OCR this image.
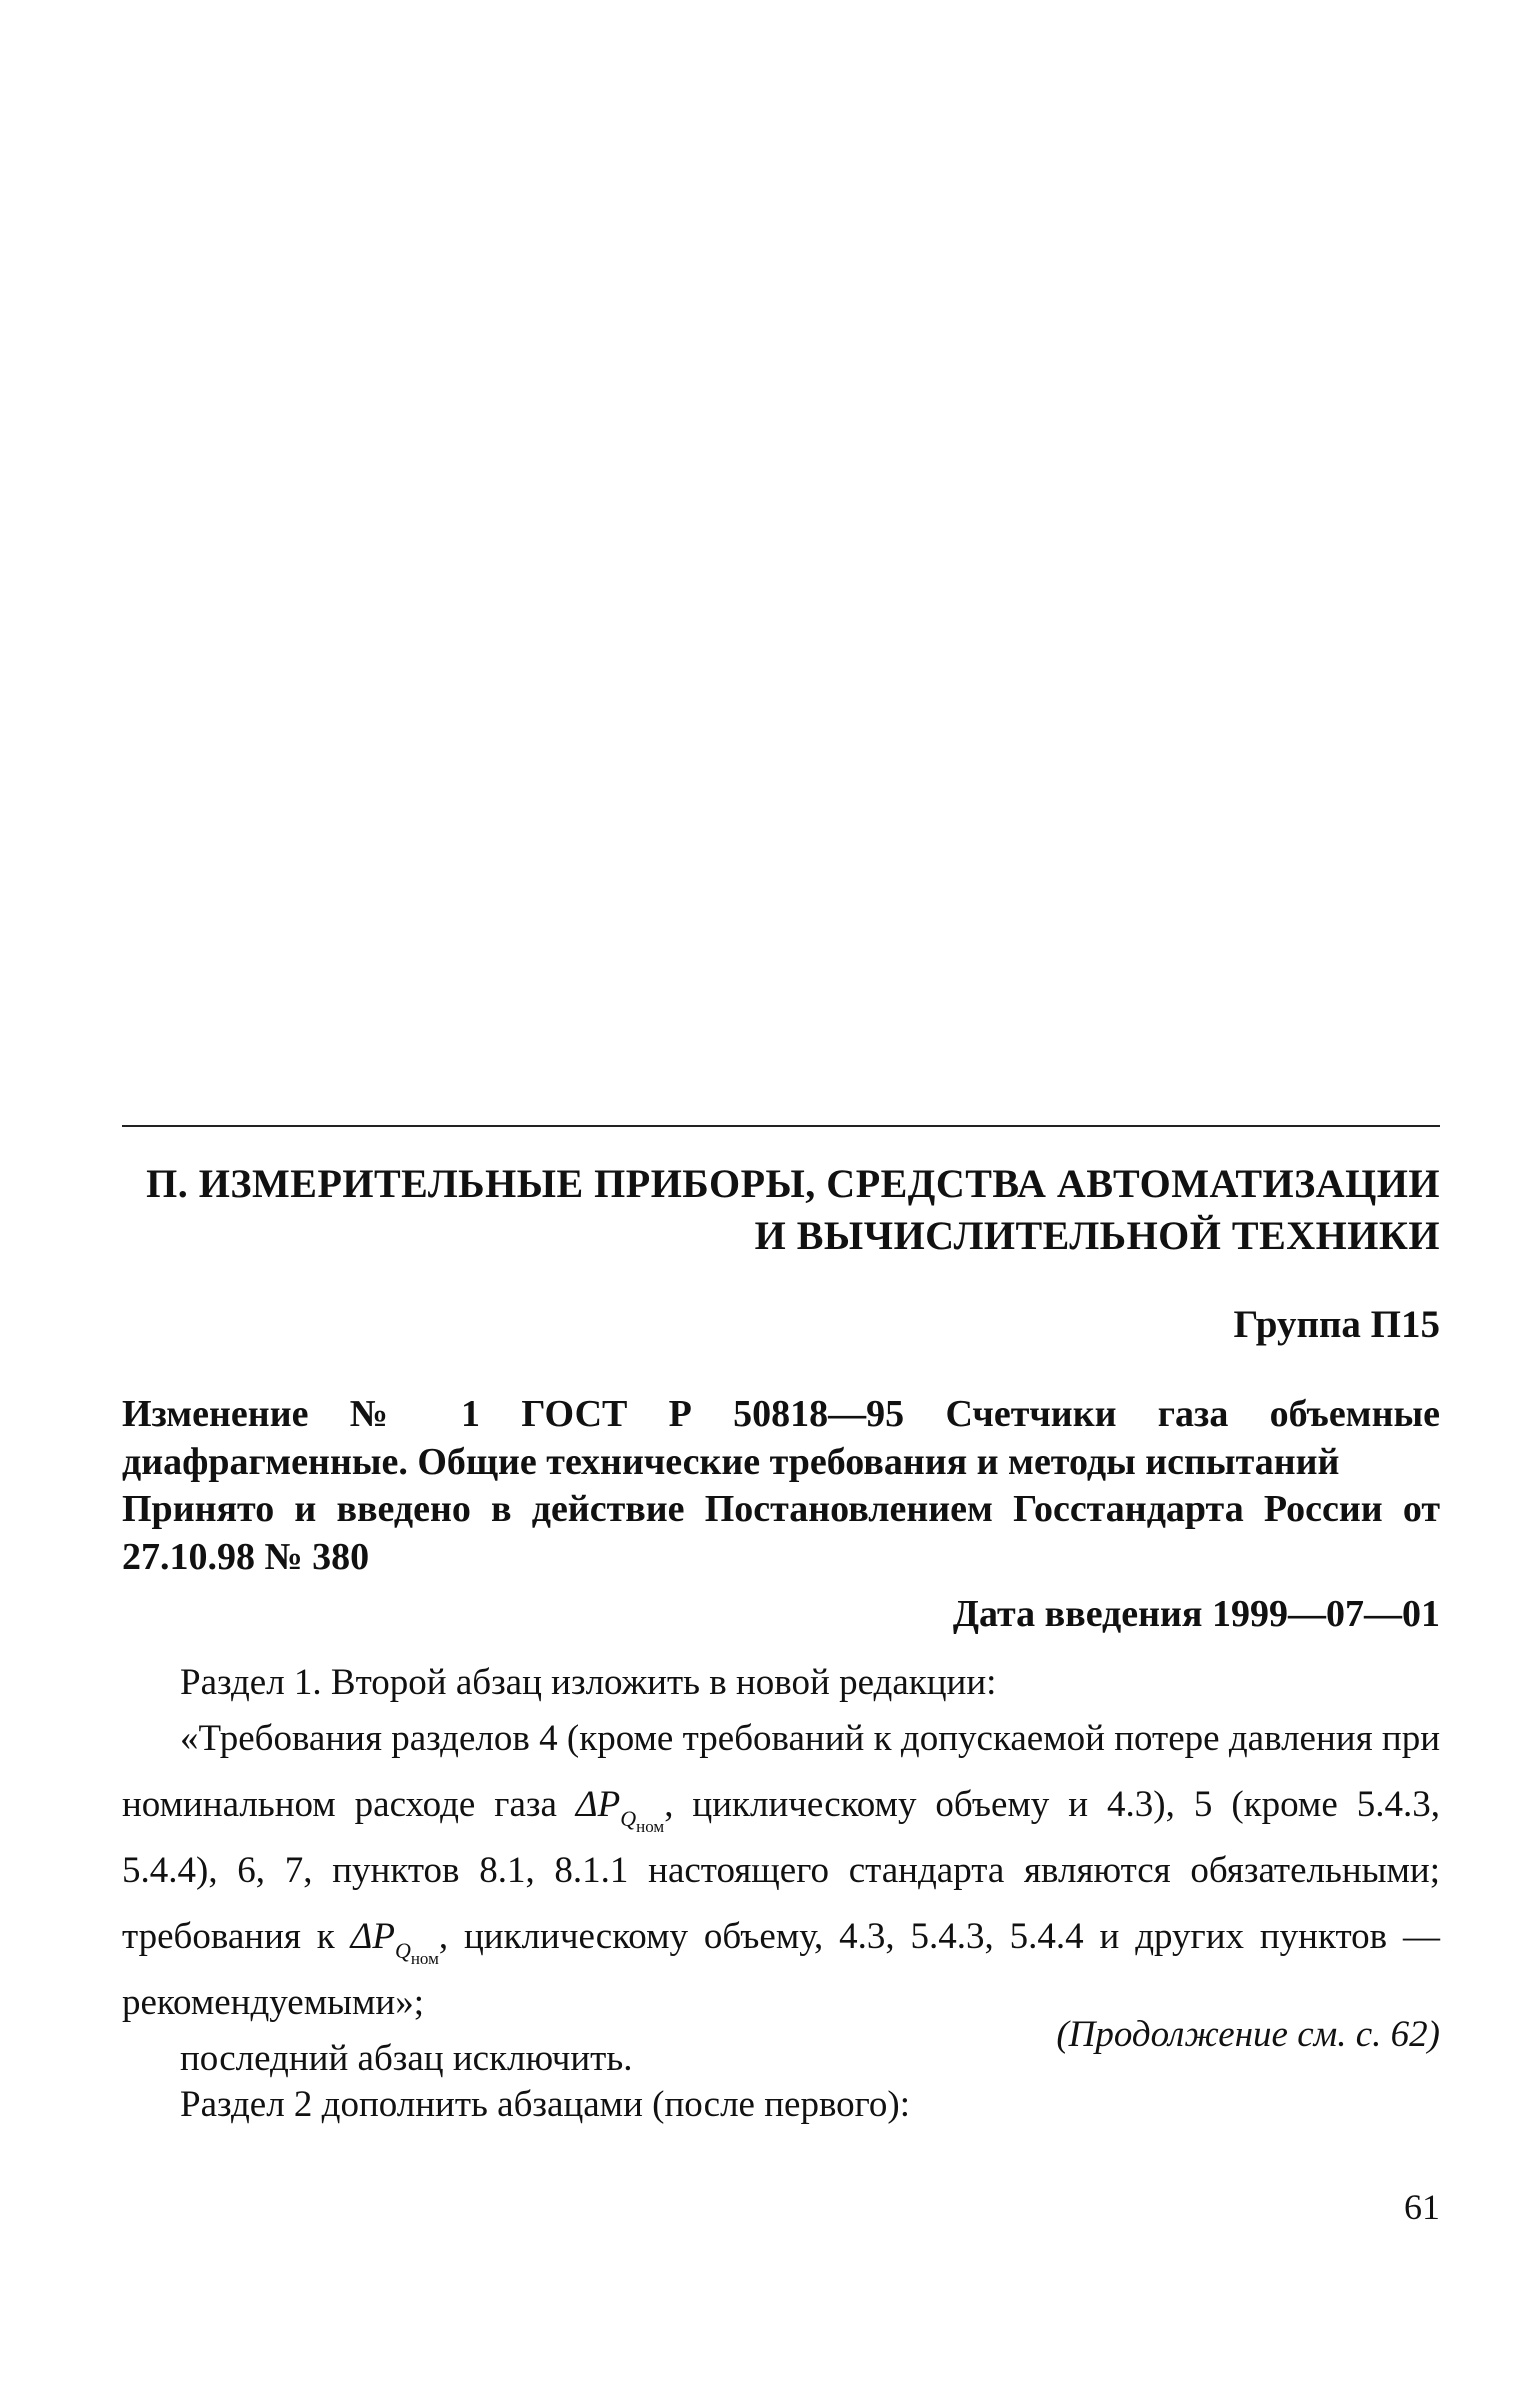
П. ИЗМЕРИТЕЛЬНЫЕ ПРИБОРЫ, СРЕДСТВА АВТОМАТИЗАЦИИ
И ВЫЧИСЛИТЕЛЬНОЙ ТЕХНИКИ
Группа П15
Изменение № 1 ГОСТ Р 50818—95 Счетчики газа объемные диафрагменные. Общие технические требования и методы испытаний
Принято и введено в действие Постановлением Госстандарта России от 27.10.98 № 380
Дата введения 1999—07—01

Раздел 1. Второй абзац изложить в новой редакции:

«Требования разделов 4 (кроме требований к допускаемой потере давления при номинальном расходе газа $\Delta P_{Q_{ном}}$, циклическому объему и 4.3), 5 (кроме 5.4.3, 5.4.4), 6, 7, пунктов 8.1, 8.1.1 настоящего стандарта являются обязательными; требования к $\Delta P_{Q_{ном}}$, циклическому объему, 4.3, 5.4.3, 5.4.4 и других пунктов — рекомендуемыми»;

последний абзац исключить.

Раздел 2 дополнить абзацами (после первого):

(Продолжение см. с. 62)
61
